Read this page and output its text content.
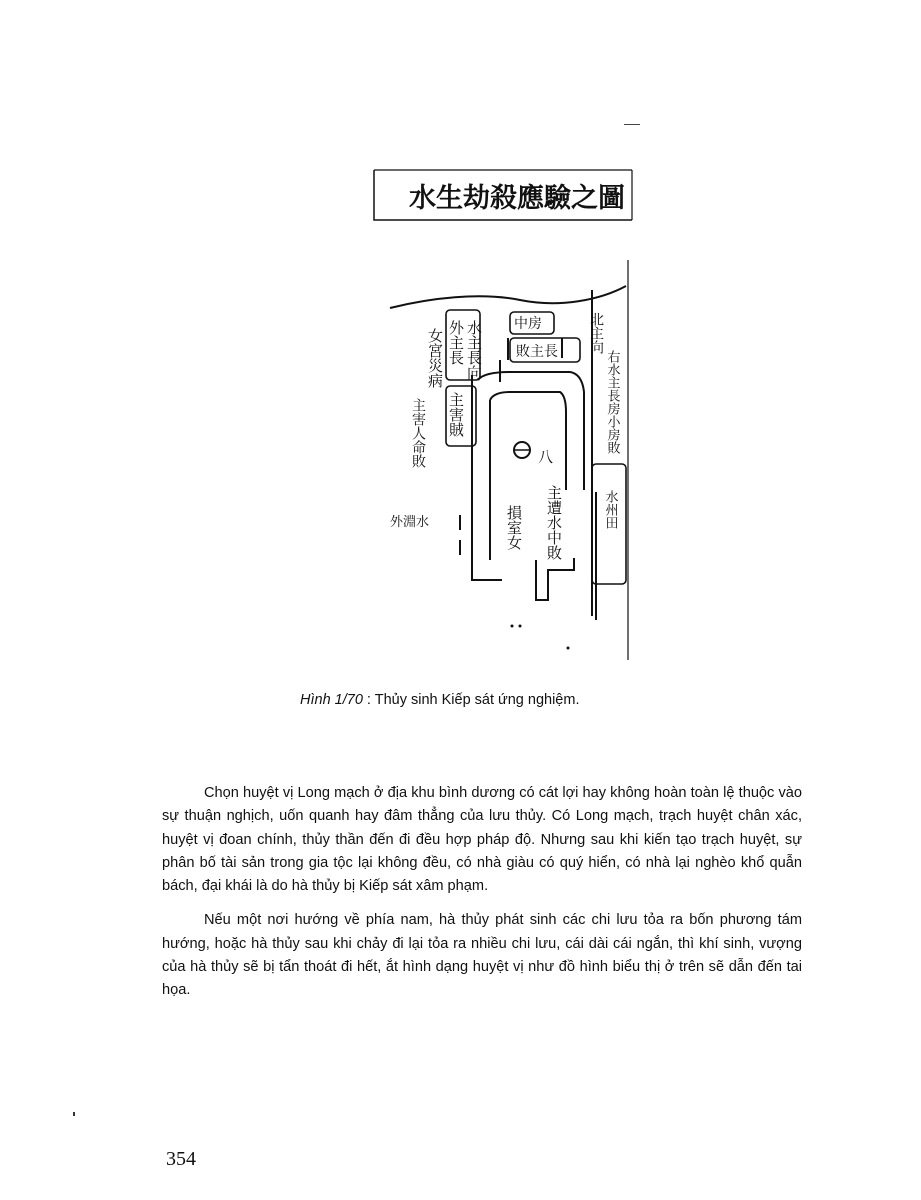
水生劫殺應驗之圖
八
女宮災病 外主長 水主長向 中房
敗主長 北主向
主害賊
主害人命敗
外淵水	主遭水中敗
損室女
右水主長房小房敗
水州田
Hình 1/70 : Thủy sinh Kiếp sát ứng nghiệm.

Chọn huyệt vị Long mạch ở địa khu bình dương có cát lợi hay không hoàn toàn lệ thuộc vào sự thuận nghịch, uốn quanh hay đâm thẳng của lưu thủy. Có Long mạch, trạch huyệt chân xác, huyệt vị đoan chính, thủy thần đến đi đều hợp pháp độ. Nhưng sau khi kiến tạo trạch huyệt, sự phân bố tài sản trong gia tộc lại không đều, có nhà giàu có quý hiển, có nhà lại nghèo khổ quẫn bách, đại khái là do hà thủy bị Kiếp sát xâm phạm.

Nếu một nơi hướng về phía nam, hà thủy phát sinh các chi lưu tỏa ra bốn phương tám hướng, hoặc hà thủy sau khi chảy đi lại tỏa ra nhiều chi lưu, cái dài cái ngắn, thì khí sinh, vượng của hà thủy sẽ bị tẩn thoát đi hết, ắt hình dạng huyệt vị như đồ hình biểu thị ở trên sẽ dẫn đến tai họa.

354
